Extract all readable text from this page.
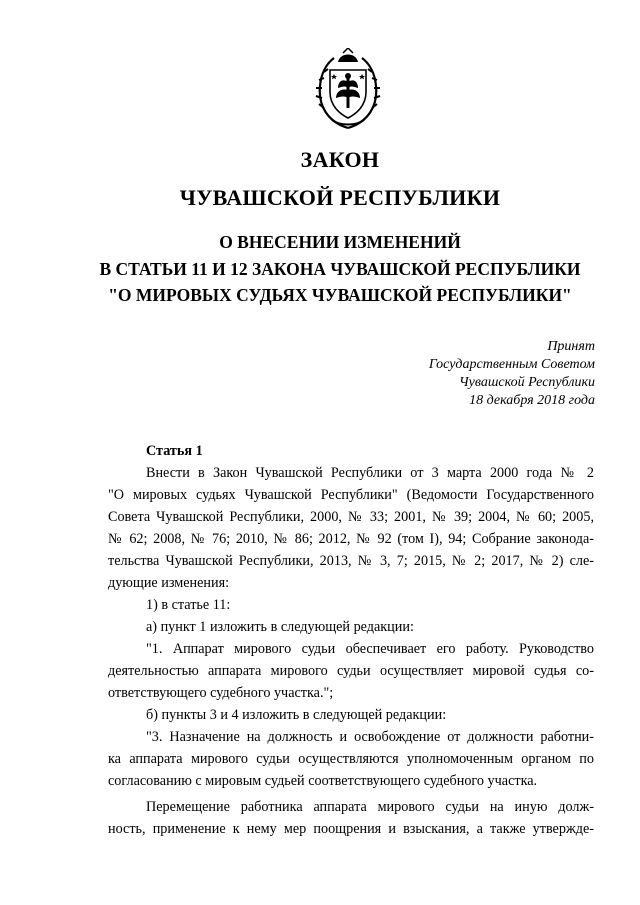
ЗАКОН
ЧУВАШСКОЙ РЕСПУБЛИКИ
О ВНЕСЕНИИ ИЗМЕНЕНИЙ
В СТАТЬИ 11 И 12 ЗАКОНА ЧУВАШСКОЙ РЕСПУБЛИКИ
"О МИРОВЫХ СУДЬЯХ ЧУВАШСКОЙ РЕСПУБЛИКИ"
Принят
Государственным Советом
Чувашской Республики
18 декабря 2018 года
Статья 1
Внести в Закон Чувашской Республики от 3 марта 2000 года № 2
"О мировых судьях Чувашской Республики" (Ведомости Государственного
Совета Чувашской Республики, 2000, № 33; 2001, № 39; 2004, № 60; 2005,
№ 62; 2008, № 76; 2010, № 86; 2012, № 92 (том I), 94; Собрание законода-
тельства Чувашской Республики, 2013, № 3, 7; 2015, № 2; 2017, № 2) сле-
дующие изменения:
1) в статье 11:
а) пункт 1 изложить в следующей редакции:
"1. Аппарат мирового судьи обеспечивает его работу. Руководство
деятельностью аппарата мирового судьи осуществляет мировой судья со-
ответствующего судебного участка.";
б) пункты 3 и 4 изложить в следующей редакции:
"3. Назначение на должность и освобождение от должности работни-
ка аппарата мирового судьи осуществляются уполномоченным органом по
согласованию с мировым судьей соответствующего судебного участка.
Перемещение работника аппарата мирового судьи на иную долж-
ность, применение к нему мер поощрения и взыскания, а также утвержде-
